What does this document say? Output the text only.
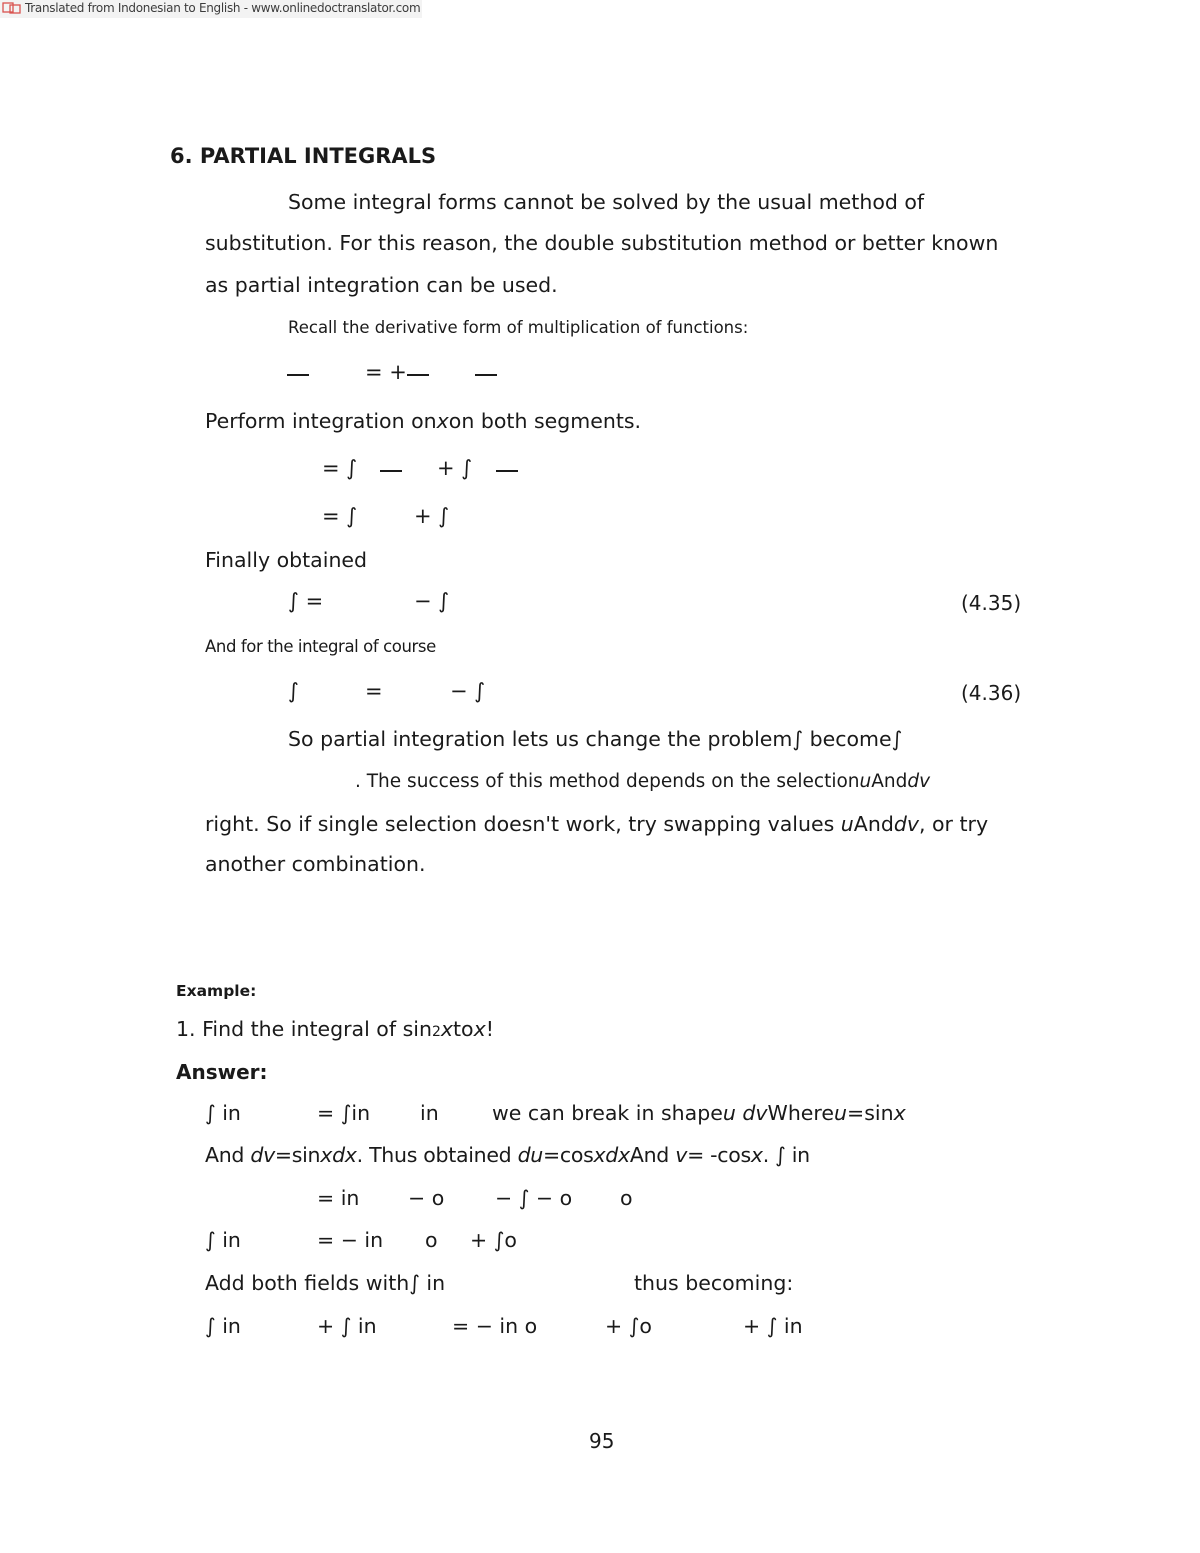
Translated from Indonesian to English - www.onlinedoctranslator.com
6. PARTIAL INTEGRALS
Some integral forms cannot be solved by the usual method of
substitution. For this reason, the double substitution method or better known
as partial integration can be used.
Recall the derivative form of multiplication of functions:
= +
Perform integration onxon both segments.
= ∫	+ ∫
= ∫	+ ∫
Finally obtained
∫ =	− ∫	(4.35)
And for the integral of course
∫	=	− ∫	(4.36)
So partial integration lets us change the problem∫ become∫
. The success of this method depends on the selectionuAnddv
right. So if single selection doesn't work, try swapping values uAnddv, or try
another combination.
Example:
1. Find the integral of sin2xtox!
Answer:
∫ in	= ∫in in	we can break in shapeu dvWhereu=sinx
And dv=sinxdx. Thus obtained du=cosxdxAnd v= -cosx. ∫ in
= in − o − ∫ − o o
∫ in	= − in o + ∫o
Add both fields with∫ in	thus becoming:
∫ in	+ ∫ in	= − in o	+ ∫o	+ ∫ in
95
